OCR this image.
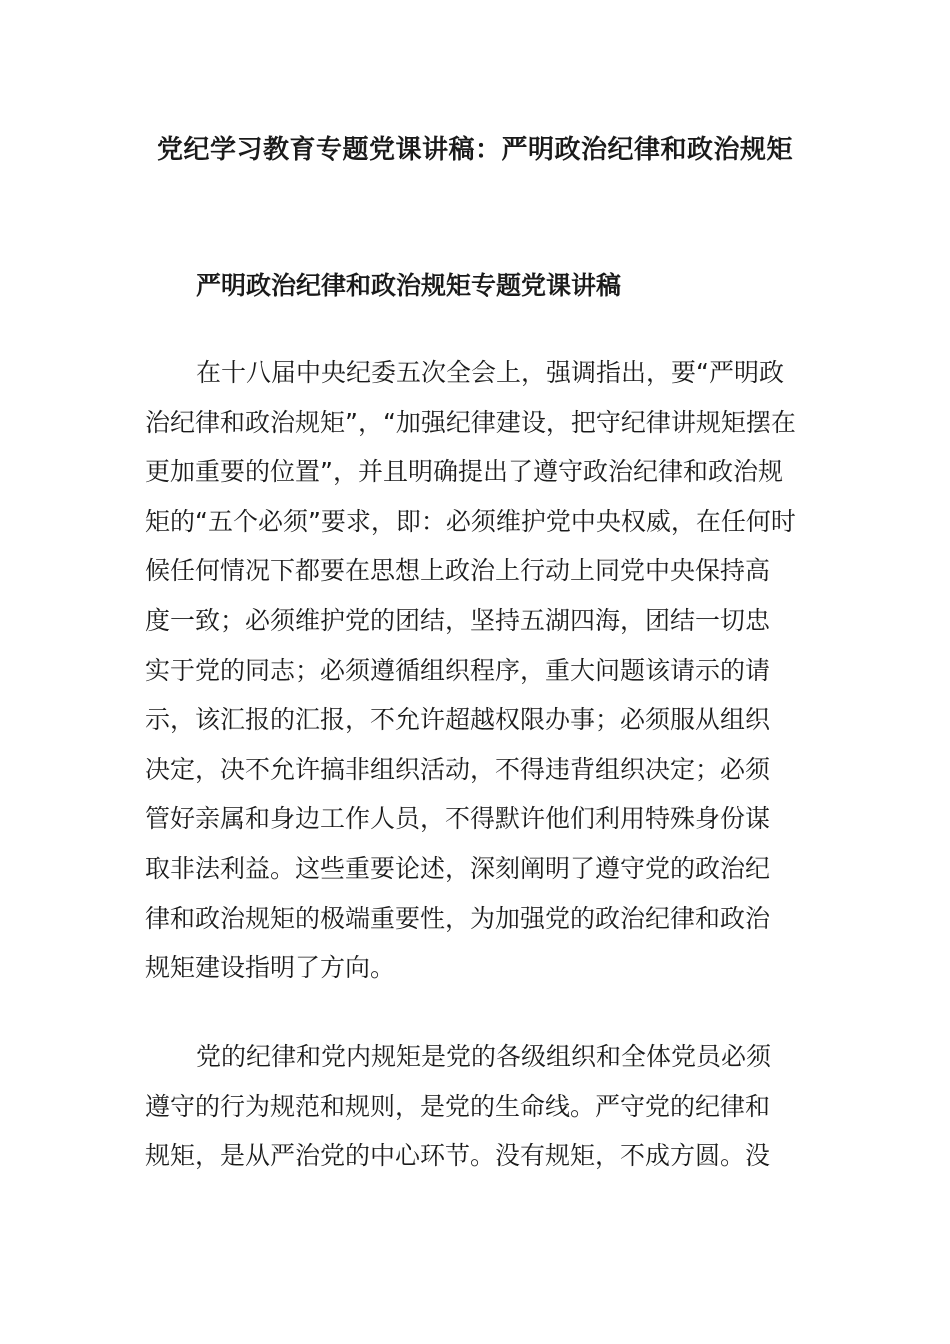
党纪学习教育专题党课讲稿：严明政治纪律和政治规矩
严明政治纪律和政治规矩专题党课讲稿
在十八届中央纪委五次全会上，强调指出，要“严明政
治纪律和政治规矩”，“加强纪律建设，把守纪律讲规矩摆在
更加重要的位置”，并且明确提出了遵守政治纪律和政治规
矩的“五个必须”要求，即：必须维护党中央权威，在任何时
候任何情况下都要在思想上政治上行动上同党中央保持高
度一致；必须维护党的团结，坚持五湖四海，团结一切忠
实于党的同志；必须遵循组织程序，重大问题该请示的请
示，该汇报的汇报，不允许超越权限办事；必须服从组织
决定，决不允许搞非组织活动，不得违背组织决定；必须
管好亲属和身边工作人员，不得默许他们利用特殊身份谋
取非法利益。这些重要论述，深刻阐明了遵守党的政治纪
律和政治规矩的极端重要性，为加强党的政治纪律和政治
规矩建设指明了方向。
党的纪律和党内规矩是党的各级组织和全体党员必须
遵守的行为规范和规则，是党的生命线。严守党的纪律和
规矩，是从严治党的中心环节。没有规矩，不成方圆。没
